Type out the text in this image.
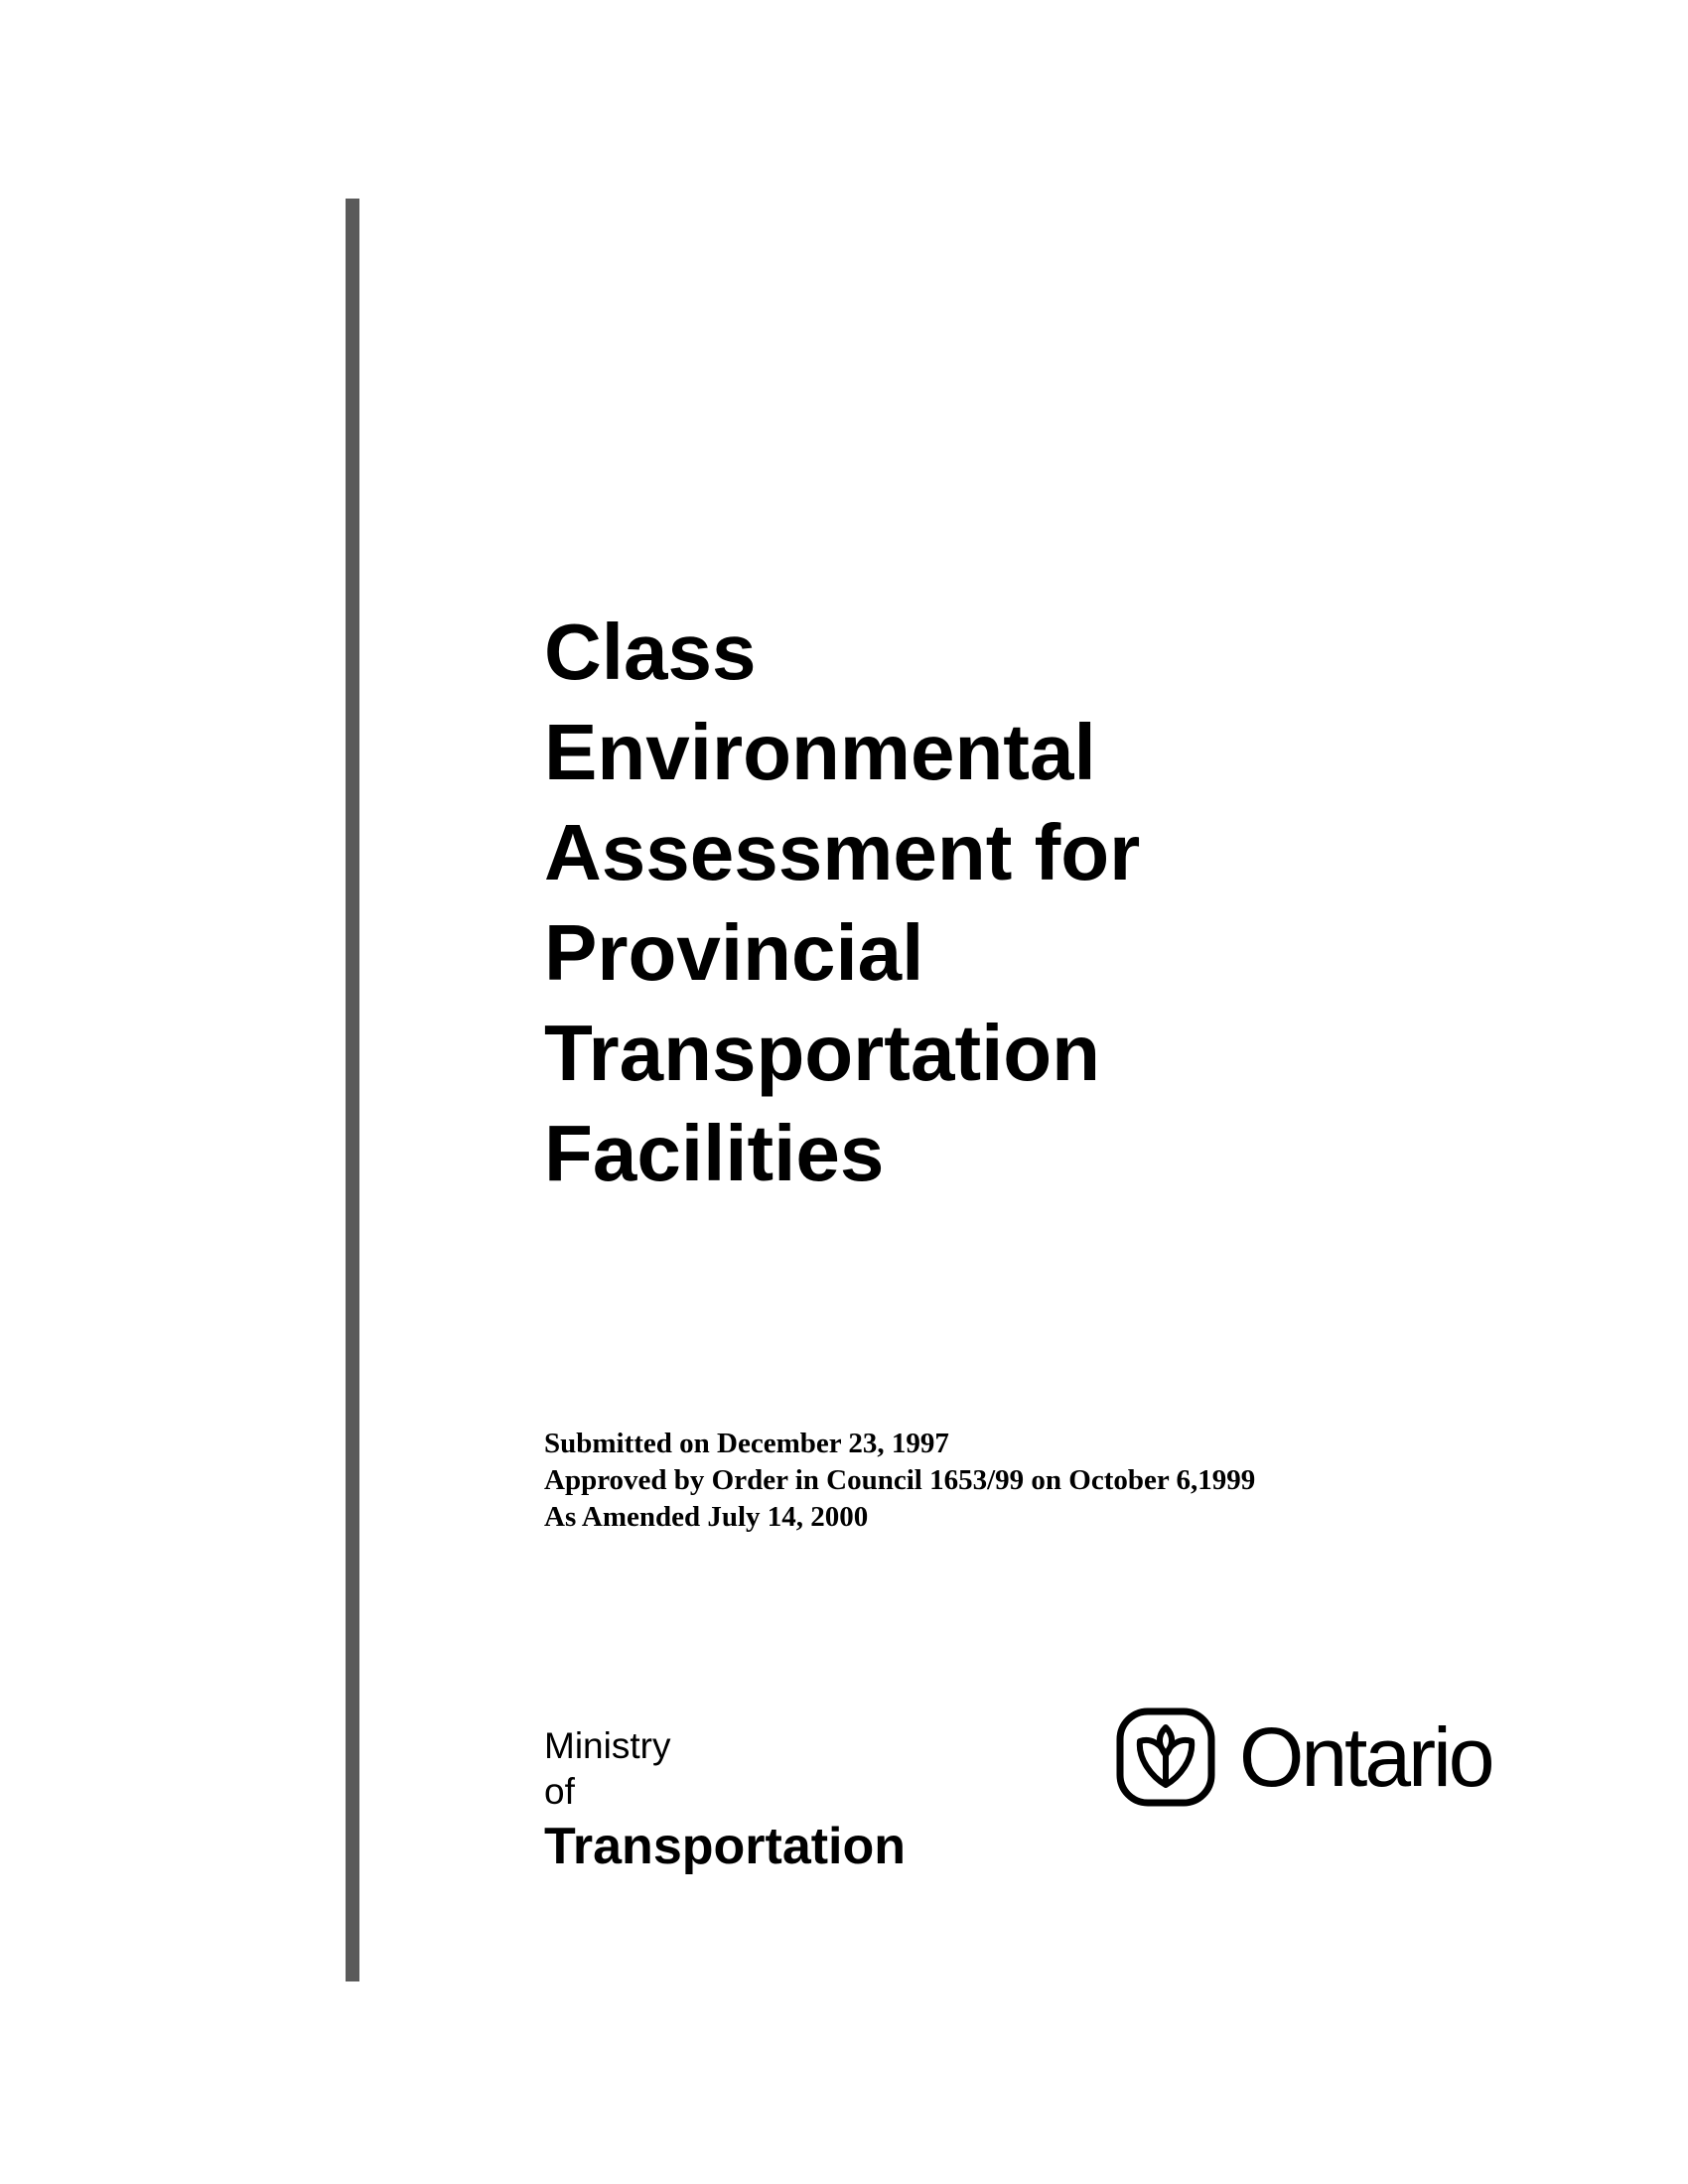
Class
Environmental
Assessment for
Provincial
Transportation
Facilities
Submitted on December 23, 1997
Approved by Order in Council 1653/99 on October 6,1999
As Amended July 14, 2000
Ministry
of
Transportation
Ontario
